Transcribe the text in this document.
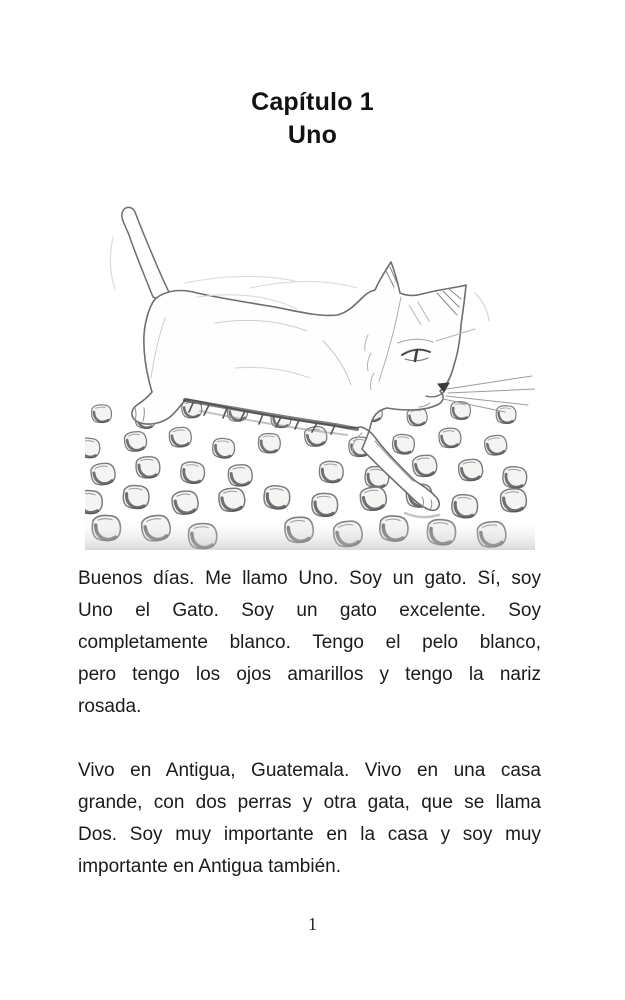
Capítulo 1
Uno
Buenos días. Me llamo Uno. Soy un gato. Sí, soy
Uno el Gato. Soy un gato excelente. Soy
completamente blanco. Tengo el pelo blanco,
pero tengo los ojos amarillos y tengo la nariz
rosada.
Vivo en Antigua, Guatemala. Vivo en una casa
grande, con dos perras y otra gata, que se llama
Dos. Soy muy importante en la casa y soy muy
importante en Antigua también.
1
